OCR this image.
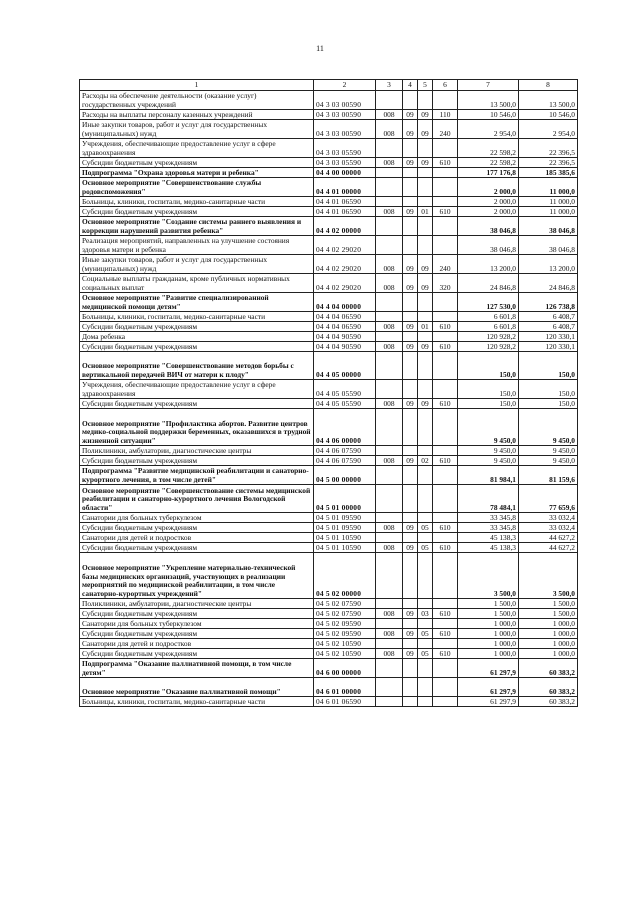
11
1	2	3	4	5	6	7	8
Расходы на обеспечение деятельности (оказание услуг) государственных учреждений	04 3 03 00590					13 500,0	13 500,0
Расходы на выплаты персоналу казенных учреждений	04 3 03 00590	008	09	09	110	10 546,0	10 546,0
Иные закупки товаров, работ и услуг для государственных (муниципальных) нужд	04 3 03 00590	008	09	09	240	2 954,0	2 954,0
Учреждения, обеспечивающие предоставление услуг в сфере здравоохранения	04 3 03 05590					22 598,2	22 396,5
Субсидии бюджетным учреждениям	04 3 03 05590	008	09	09	610	22 598,2	22 396,5
Подпрограмма "Охрана здоровья матери и ребенка"	04 4 00 00000					177 176,8	185 385,6
Основное мероприятие "Совершенствование службы родовспоможения"	04 4 01 00000					2 000,0	11 000,0
Больницы, клиники, госпитали, медико-санитарные части	04 4 01 06590					2 000,0	11 000,0
Субсидии бюджетным учреждениям	04 4 01 06590	008	09	01	610	2 000,0	11 000,0
Основное мероприятие "Создание системы раннего выявления и коррекции нарушений развития ребенка"	04 4 02 00000					38 046,8	38 046,8
Реализация мероприятий, направленных на улучшение состояния здоровья матери и ребенка	04 4 02 29020					38 046,8	38 046,8
Иные закупки товаров, работ и услуг для государственных (муниципальных) нужд	04 4 02 29020	008	09	09	240	13 200,0	13 200,0
Социальные выплаты гражданам, кроме публичных нормативных социальных выплат	04 4 02 29020	008	09	09	320	24 846,8	24 846,8
Основное мероприятие "Развитие специализированной медицинской помощи детям"	04 4 04 00000					127 530,0	126 738,8
Больницы, клиники, госпитали, медико-санитарные части	04 4 04 06590					6 601,8	6 408,7
Субсидии бюджетным учреждениям	04 4 04 06590	008	09	01	610	6 601,8	6 408,7
Дома ребенка	04 4 04 90590					120 928,2	120 330,1
Субсидии бюджетным учреждениям	04 4 04 90590	008	09	09	610	120 928,2	120 330,1
Основное мероприятие "Совершенствование методов борьбы с вертикальной передачей ВИЧ от матери к плоду"	04 4 05 00000					150,0	150,0
Учреждения, обеспечивающие предоставление услуг в сфере здравоохранения	04 4 05 05590					150,0	150,0
Субсидии бюджетным учреждениям	04 4 05 05590	008	09	09	610	150,0	150,0
Основное мероприятие "Профилактика абортов. Развитие центров медико-социальной поддержки беременных, оказавшихся в трудной жизненной ситуации"	04 4 06 00000					9 450,0	9 450,0
Поликлиники, амбулатории, диагностические центры	04 4 06 07590					9 450,0	9 450,0
Субсидии бюджетным учреждениям	04 4 06 07590	008	09	02	610	9 450,0	9 450,0
Подпрограмма "Развитие медицинской реабилитации и санаторно-курортного лечения, в том числе детей"	04 5 00 00000					81 984,1	81 159,6
Основное мероприятие "Совершенствование системы медицинской реабилитации и санаторно-курортного лечения Вологодской области"	04 5 01 00000					78 484,1	77 659,6
Санатории для больных туберкулезом	04 5 01 09590					33 345,8	33 032,4
Субсидии бюджетным учреждениям	04 5 01 09590	008	09	05	610	33 345,8	33 032,4
Санатории для детей и подростков	04 5 01 10590					45 138,3	44 627,2
Субсидии бюджетным учреждениям	04 5 01 10590	008	09	05	610	45 138,3	44 627,2
Основное мероприятие "Укрепление материально-технической базы медицинских организаций, участвующих в реализации мероприятий по медицинской реабилитации, в том числе санаторно-курортных учреждений"	04 5 02 00000					3 500,0	3 500,0
Поликлиники, амбулатории, диагностические центры	04 5 02 07590					1 500,0	1 500,0
Субсидии бюджетным учреждениям	04 5 02 07590	008	09	03	610	1 500,0	1 500,0
Санатории для больных туберкулезом	04 5 02 09590					1 000,0	1 000,0
Субсидии бюджетным учреждениям	04 5 02 09590	008	09	05	610	1 000,0	1 000,0
Санатории для детей и подростков	04 5 02 10590					1 000,0	1 000,0
Субсидии бюджетным учреждениям	04 5 02 10590	008	09	05	610	1 000,0	1 000,0
Подпрограмма "Оказание паллиативной помощи, в том числе детям"	04 6 00 00000					61 297,9	60 383,2
Основное мероприятие "Оказание паллиативной помощи"	04 6 01 00000					61 297,9	60 383,2
Больницы, клиники, госпитали, медико-санитарные части	04 6 01 06590					61 297,9	60 383,2
